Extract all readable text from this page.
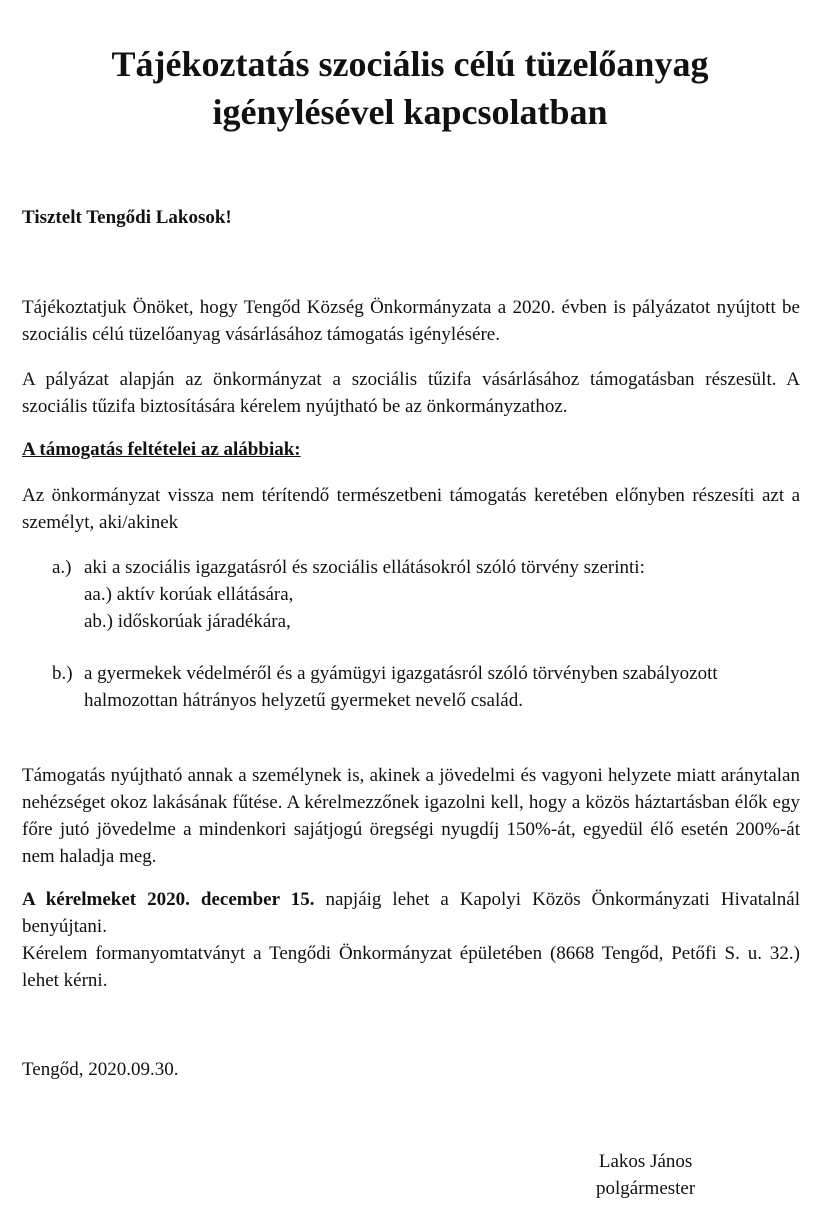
Tájékoztatás szociális célú tüzelőanyag
igénylésével kapcsolatban

Tisztelt Tengődi Lakosok!

Tájékoztatjuk Önöket, hogy Tengőd Község Önkormányzata a 2020. évben is pályázatot nyújtott be szociális célú tüzelőanyag vásárlásához támogatás igénylésére.

A pályázat alapján az önkormányzat a szociális tűzifa vásárlásához támogatásban részesült. A szociális tűzifa biztosítására kérelem nyújtható be az önkormányzathoz.

A támogatás feltételei az alábbiak:

Az önkormányzat vissza nem térítendő természetbeni támogatás keretében előnyben részesíti azt a személyt, aki/akinek

a.) aki a szociális igazgatásról és szociális ellátásokról szóló törvény szerinti:
aa.) aktív korúak ellátására,
ab.) időskorúak járadékára,
b.) a gyermekek védelméről és a gyámügyi igazgatásról szóló törvényben szabályozott
halmozottan hátrányos helyzetű gyermeket nevelő család.

Támogatás nyújtható annak a személynek is, akinek a jövedelmi és vagyoni helyzete miatt aránytalan nehézséget okoz lakásának fűtése. A kérelmezzőnek igazolni kell, hogy a közös háztartásban élők egy főre jutó jövedelme a mindenkori sajátjogú öregségi nyugdíj 150%-át, egyedül élő esetén 200%-át nem haladja meg.

A kérelmeket 2020. december 15. napjáig lehet a Kapolyi Közös Önkormányzati Hivatalnál benyújtani.
Kérelem formanyomtatványt a Tengődi Önkormányzat épületében (8668 Tengőd, Petőfi S. u. 32.) lehet kérni.

Tengőd, 2020.09.30.

Lakos János
polgármester
